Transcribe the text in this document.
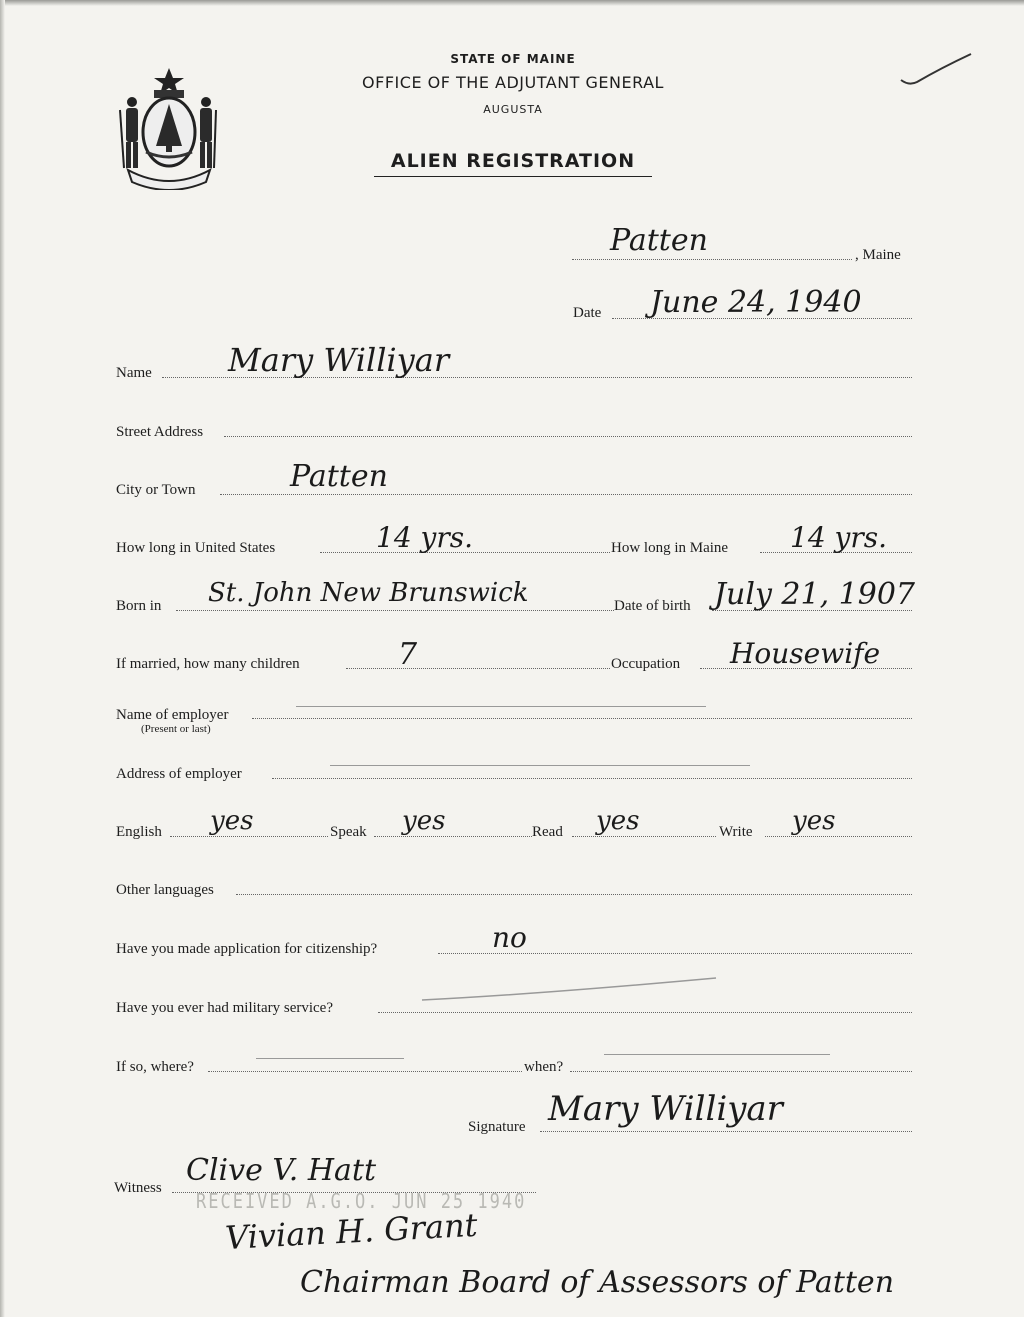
STATE OF MAINE
OFFICE OF THE ADJUTANT GENERAL
AUGUSTA
ALIEN REGISTRATION
Patten	, Maine
Date June 24, 1940
Name Mary Williyar
Street Address
City or Town	Patten
How long in United States	14 yrs.	How long in Maine 14 yrs.
Born in St. John New Brunswick	Date of birth July 21, 1907
If married, how many children	7	Occupation Housewife
Name of employer
(Present or last)
Address of employer
English yes	Speak yes	Read yes	Write yes
Other languages
Have you made application for citizenship?	no
Have you ever had military service?
If so, where?	when?
Signature Mary Williyar
Witness Clive V. Hatt
RECEIVED A.G.O. JUN 25 1940
Vivian H. Grant
Chairman Board of Assessors of Patten
